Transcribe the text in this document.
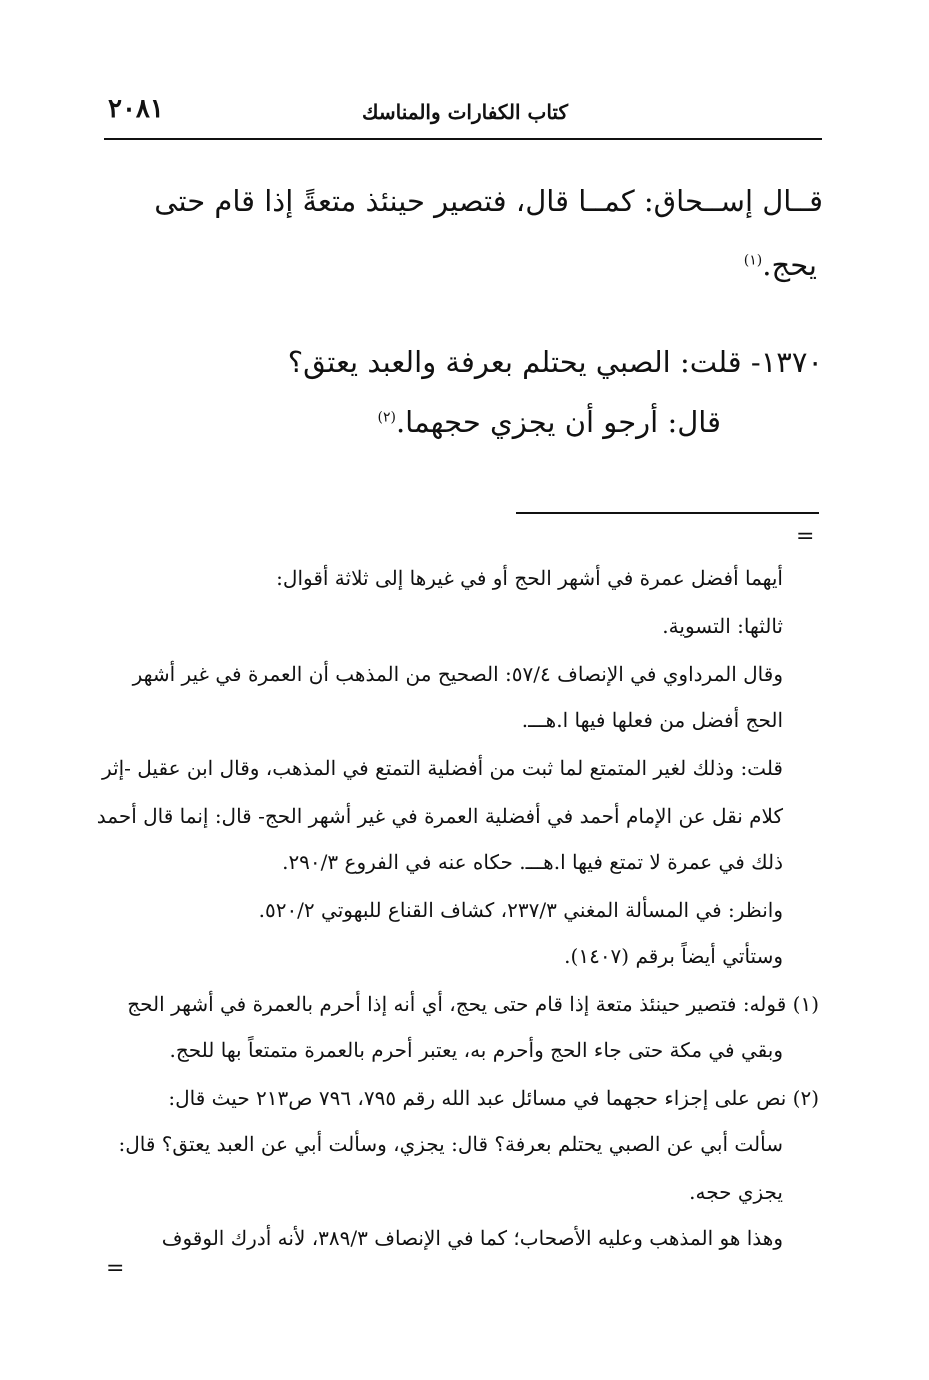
٢٠٨١	كتاب الكفارات والمناسك
قــال إســحاق: كمــا قال، فتصير حينئذ متعةً إذا قام حتى
يحج.$^{(١)}$
١٣٧٠- قلت: الصبي يحتلم بعرفة والعبد يعتق؟
قال: أرجو أن يجزي حجهما.$^{(٢)}$
=
أيهما أفضل عمرة في أشهر الحج أو في غيرها إلى ثلاثة أقوال:
ثالثها: التسوية.
وقال المرداوي في الإنصاف ٥٧/٤: الصحيح من المذهب أن العمرة في غير أشهر
الحج أفضل من فعلها فيها ا.هـــ.
قلت: وذلك لغير المتمتع لما ثبت من أفضلية التمتع في المذهب، وقال ابن عقيل -إثر
كلام نقل عن الإمام أحمد في أفضلية العمرة في غير أشهر الحج- قال: إنما قال أحمد
ذلك في عمرة لا تمتع فيها ا.هـــ. حكاه عنه في الفروع ٢٩٠/٣.
وانظر: في المسألة المغني ٢٣٧/٣، كشاف القناع للبهوتي ٥٢٠/٢.
وستأتي أيضاً برقم (١٤٠٧).
(١) قوله: فتصير حينئذ متعة إذا قام حتى يحج، أي أنه إذا أحرم بالعمرة في أشهر الحج
وبقي في مكة حتى جاء الحج وأحرم به، يعتبر أحرم بالعمرة متمتعاً بها للحج.
(٢) نص على إجزاء حجهما في مسائل عبد الله رقم ٧٩٥، ٧٩٦ ص٢١٣ حيث قال:
سألت أبي عن الصبي يحتلم بعرفة؟ قال: يجزي، وسألت أبي عن العبد يعتق؟ قال:
يجزي حجه.
وهذا هو المذهب وعليه الأصحاب؛ كما في الإنصاف ٣٨٩/٣، لأنه أدرك الوقوف
=
